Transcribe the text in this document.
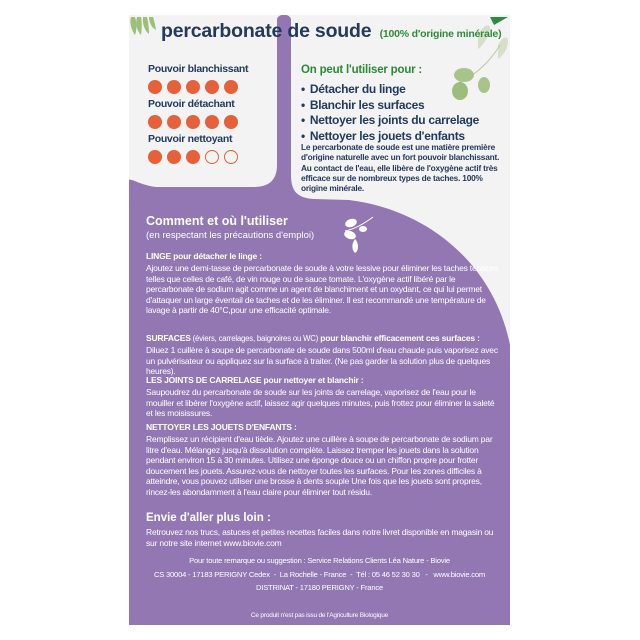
percarbonate de soude (100% d'origine minérale)
Pouvoir blanchissant
Pouvoir détachant
Pouvoir nettoyant
On peut l'utiliser pour :
• Détacher du linge
• Blanchir les surfaces
• Nettoyer les joints du carrelage
• Nettoyer les jouets d'enfants
Le percarbonate de soude est une matière première d'origine naturelle avec un fort pouvoir blanchissant. Au contact de l'eau, elle libère de l'oxygène actif très efficace sur de nombreux types de taches. 100% origine minérale.
Comment et où l'utiliser
(en respectant les précautions d'emploi)
LINGE pour détacher le linge :
Ajoutez une demi-tasse de percarbonate de soude à votre lessive pour éliminer les taches tenaces telles que celles de café, de vin rouge ou de sauce tomate. L'oxygène actif libéré par le percarbonate de sodium agit comme un agent de blanchiment et un oxydant, ce qui lui permet d'attaquer un large éventail de taches et de les éliminer. Il est recommandé une température de lavage à partir de 40°C,pour une efficacité optimale.
SURFACES (éviers, carrelages, baignoires ou WC) pour blanchir efficacement ces surfaces :
Diluez 1 cuillère à soupe de percarbonate de soude dans 500ml d'eau chaude puis vaporisez avec un pulvérisateur ou appliquez sur la surface à traiter. (Ne pas garder la solution plus de quelques heures).
LES JOINTS DE CARRELAGE pour nettoyer et blanchir :
Saupoudrez du percarbonate de soude sur les joints de carrelage, vaporisez de l'eau pour le mouiller et libérer l'oxygène actif, laissez agir quelques minutes, puis frottez pour éliminer la saleté et les moisissures.
NETTOYER LES JOUETS D'ENFANTS :
Remplissez un récipient d'eau tiède. Ajoutez une cuillère à soupe de percarbonate de sodium par litre d'eau. Mélangez jusqu'à dissolution complète. Laissez tremper les jouets dans la solution pendant environ 15 à 30 minutes. Utilisez une éponge douce ou un chiffon propre pour frotter doucement les jouets. Assurez-vous de nettoyer toutes les surfaces. Pour les zones difficiles à atteindre, vous pouvez utiliser une brosse à dents souple Une fois que les jouets sont propres, rincez-les abondamment à l'eau claire pour éliminer tout résidu.
Envie d'aller plus loin :
Retrouvez nos trucs, astuces et petites recettes faciles dans notre livret disponible en magasin ou sur notre site internet www.biovie.com
Pour toute remarque ou suggestion : Service Relations Clients Léa Nature - Biovie
CS 30004 - 17183 PERIGNY Cedex  -  La Rochelle - France  -  Tél : 05 46 52 30 30   -   www.biovie.com
DISTRINAT - 17180 PERIGNY - France
Ce produit n'est pas issu de l'Agriculture Biologique
